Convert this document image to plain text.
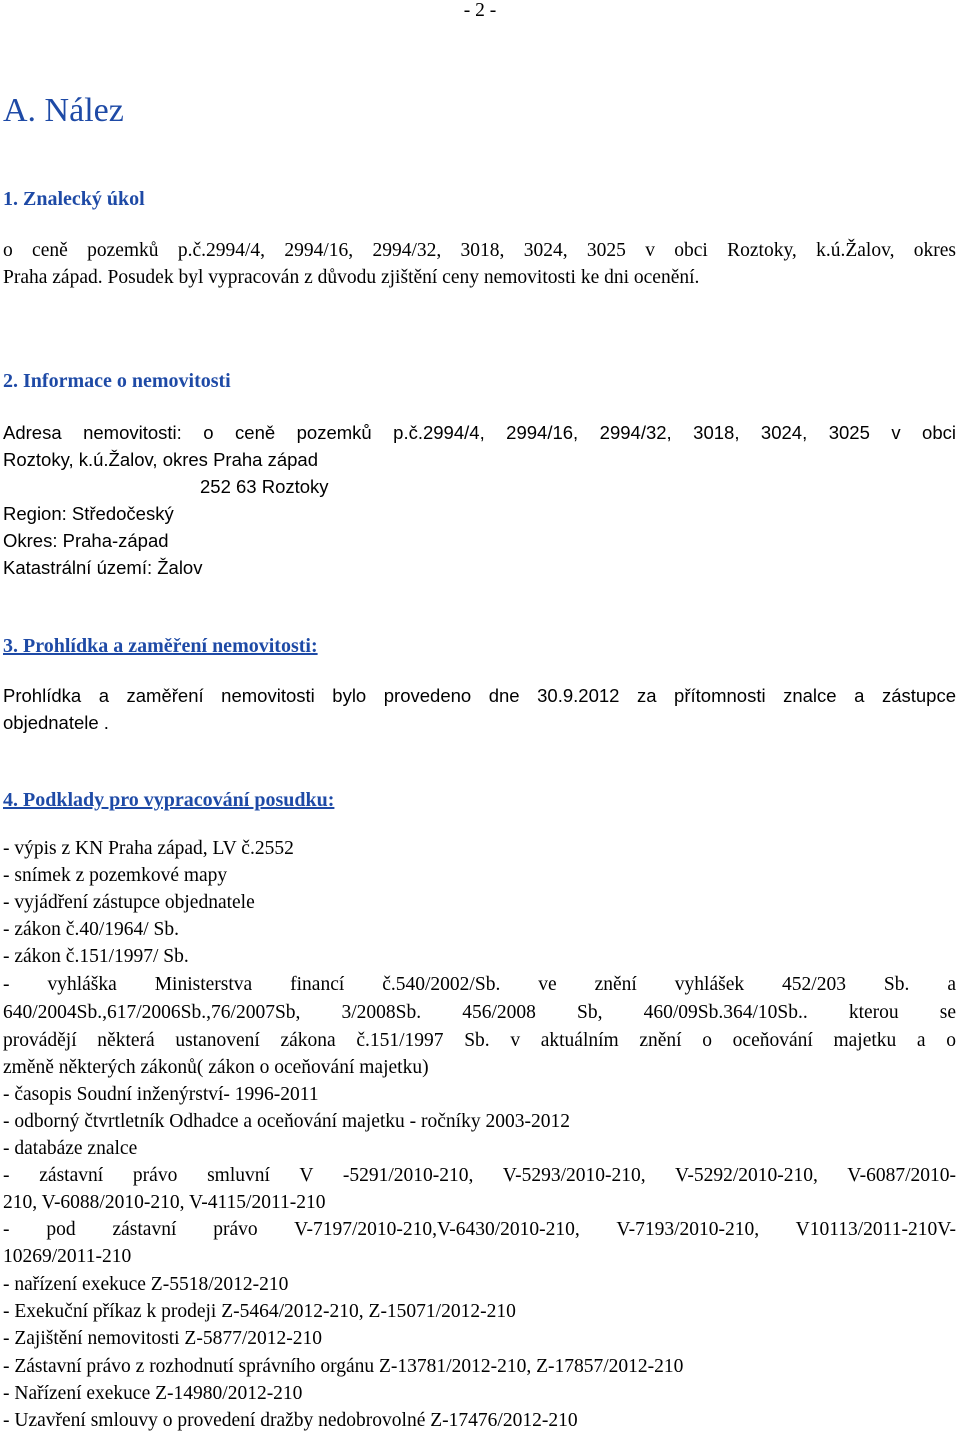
- 2 -
A. Nález
1. Znalecký úkol
o ceně pozemků p.č.2994/4, 2994/16, 2994/32, 3018, 3024, 3025 v obci Roztoky, k.ú.Žalov, okres
Praha západ. Posudek byl vypracován z důvodu zjištění ceny nemovitosti ke dni ocenění.
2. Informace o nemovitosti
Adresa nemovitosti: o ceně pozemků p.č.2994/4, 2994/16, 2994/32, 3018, 3024, 3025 v obci
Roztoky, k.ú.Žalov, okres Praha západ
252 63 Roztoky
Region: Středočeský
Okres: Praha-západ
Katastrální území: Žalov
3. Prohlídka a zaměření nemovitosti:
Prohlídka a zaměření nemovitosti bylo provedeno dne 30.9.2012 za přítomnosti znalce a zástupce
objednatele .
4. Podklady pro vypracování posudku:
- výpis z KN Praha západ, LV č.2552
- snímek z pozemkové mapy
- vyjádření zástupce objednatele
- zákon č.40/1964/ Sb.
- zákon č.151/1997/ Sb.
- vyhláška Ministerstva financí č.540/2002/Sb. ve znění vyhlášek 452/203 Sb. a
640/2004Sb.,617/2006Sb.,76/2007Sb, 3/2008Sb. 456/2008 Sb, 460/09Sb.364/10Sb.. kterou se
provádějí některá ustanovení zákona č.151/1997 Sb. v aktuálním znění o oceňování majetku a o
změně některých zákonů( zákon o oceňování majetku)
- časopis Soudní inženýrství- 1996-2011
- odborný čtvrtletník Odhadce a oceňování majetku - ročníky 2003-2012
- databáze znalce
- zástavní právo smluvní V -5291/2010-210, V-5293/2010-210, V-5292/2010-210, V-6087/2010-
210, V-6088/2010-210, V-4115/2011-210
- pod zástavní právo V-7197/2010-210,V-6430/2010-210, V-7193/2010-210, V10113/2011-210V-
10269/2011-210
- nařízení exekuce Z-5518/2012-210
- Exekuční příkaz k prodeji Z-5464/2012-210, Z-15071/2012-210
- Zajištění nemovitosti Z-5877/2012-210
- Zástavní právo z rozhodnutí správního orgánu Z-13781/2012-210, Z-17857/2012-210
- Nařízení exekuce Z-14980/2012-210
- Uzavření smlouvy o provedení dražby nedobrovolné Z-17476/2012-210
